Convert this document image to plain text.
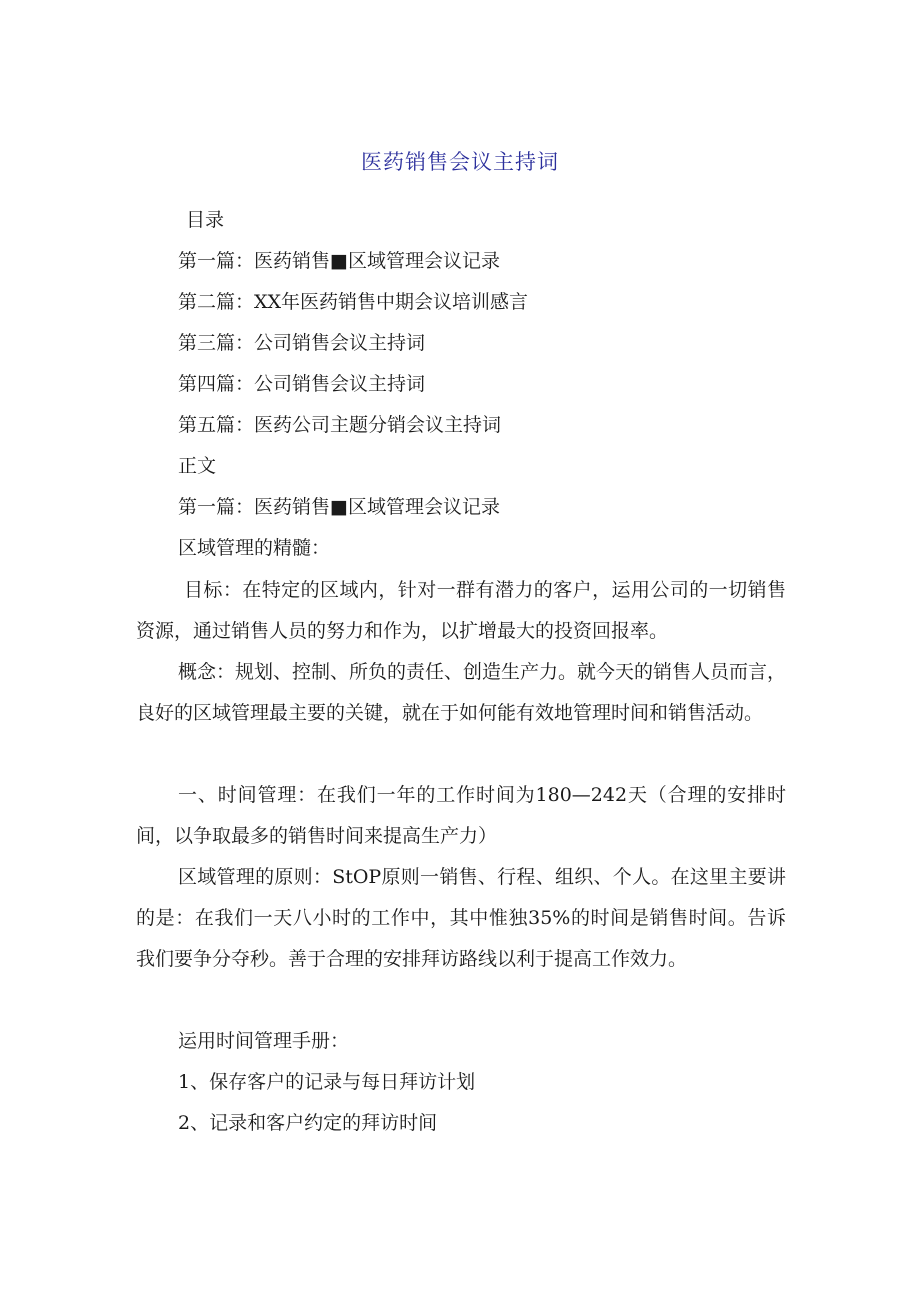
医药销售会议主持词

目录

第一篇：医药销售■区域管理会议记录

第二篇：XX年医药销售中期会议培训感言

第三篇：公司销售会议主持词

第四篇：公司销售会议主持词

第五篇：医药公司主题分销会议主持词

正文

第一篇：医药销售■区域管理会议记录

区域管理的精髓：

目标：在特定的区域内，针对一群有潜力的客户，运用公司的一切销售资源，通过销售人员的努力和作为，以扩增最大的投资回报率。

概念：规划、控制、所负的责任、创造生产力。就今天的销售人员而言，良好的区域管理最主要的关键，就在于如何能有效地管理时间和销售活动。

一、时间管理：在我们一年的工作时间为180—242天（合理的安排时间，以争取最多的销售时间来提高生产力）

区域管理的原则：StOP原则一销售、行程、组织、个人。在这里主要讲的是：在我们一天八小时的工作中，其中惟独35%的时间是销售时间。告诉我们要争分夺秒。善于合理的安排拜访路线以利于提高工作效力。

运用时间管理手册：

1、保存客户的记录与每日拜访计划

2、记录和客户约定的拜访时间
